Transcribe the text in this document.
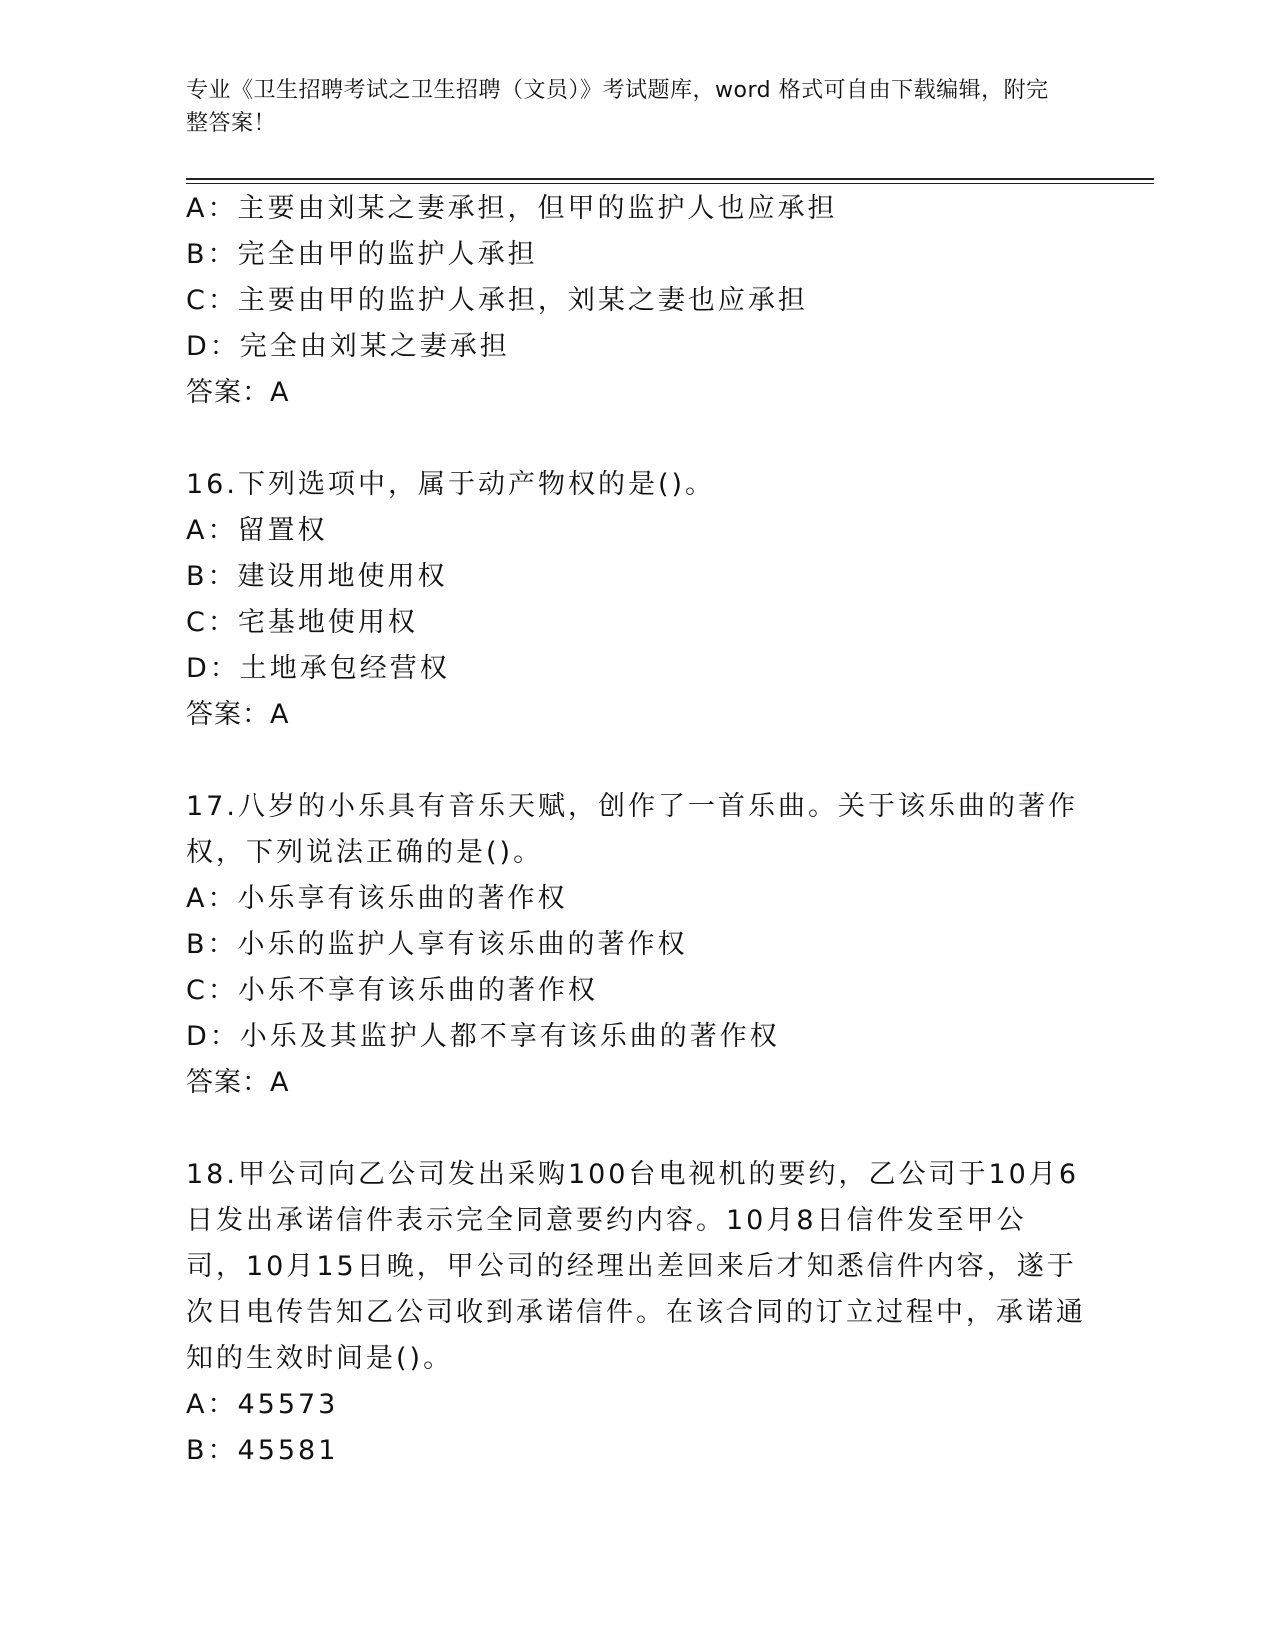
专业《卫生招聘考试之卫生招聘（文员）》考试题库，word 格式可自由下载编辑，附完整答案！
A：主要由刘某之妻承担，但甲的监护人也应承担
B：完全由甲的监护人承担
C：主要由甲的监护人承担，刘某之妻也应承担
D：完全由刘某之妻承担
答案：A
16.下列选项中，属于动产物权的是()。
A：留置权
B：建设用地使用权
C：宅基地使用权
D：土地承包经营权
答案：A
17.八岁的小乐具有音乐天赋，创作了一首乐曲。关于该乐曲的著作权，下列说法正确的是()。
A：小乐享有该乐曲的著作权
B：小乐的监护人享有该乐曲的著作权
C：小乐不享有该乐曲的著作权
D：小乐及其监护人都不享有该乐曲的著作权
答案：A
18.甲公司向乙公司发出采购100台电视机的要约，乙公司于10月6日发出承诺信件表示完全同意要约内容。10月8日信件发至甲公司，10月15日晚，甲公司的经理出差回来后才知悉信件内容，遂于次日电传告知乙公司收到承诺信件。在该合同的订立过程中，承诺通知的生效时间是()。
A：45573
B：45581
